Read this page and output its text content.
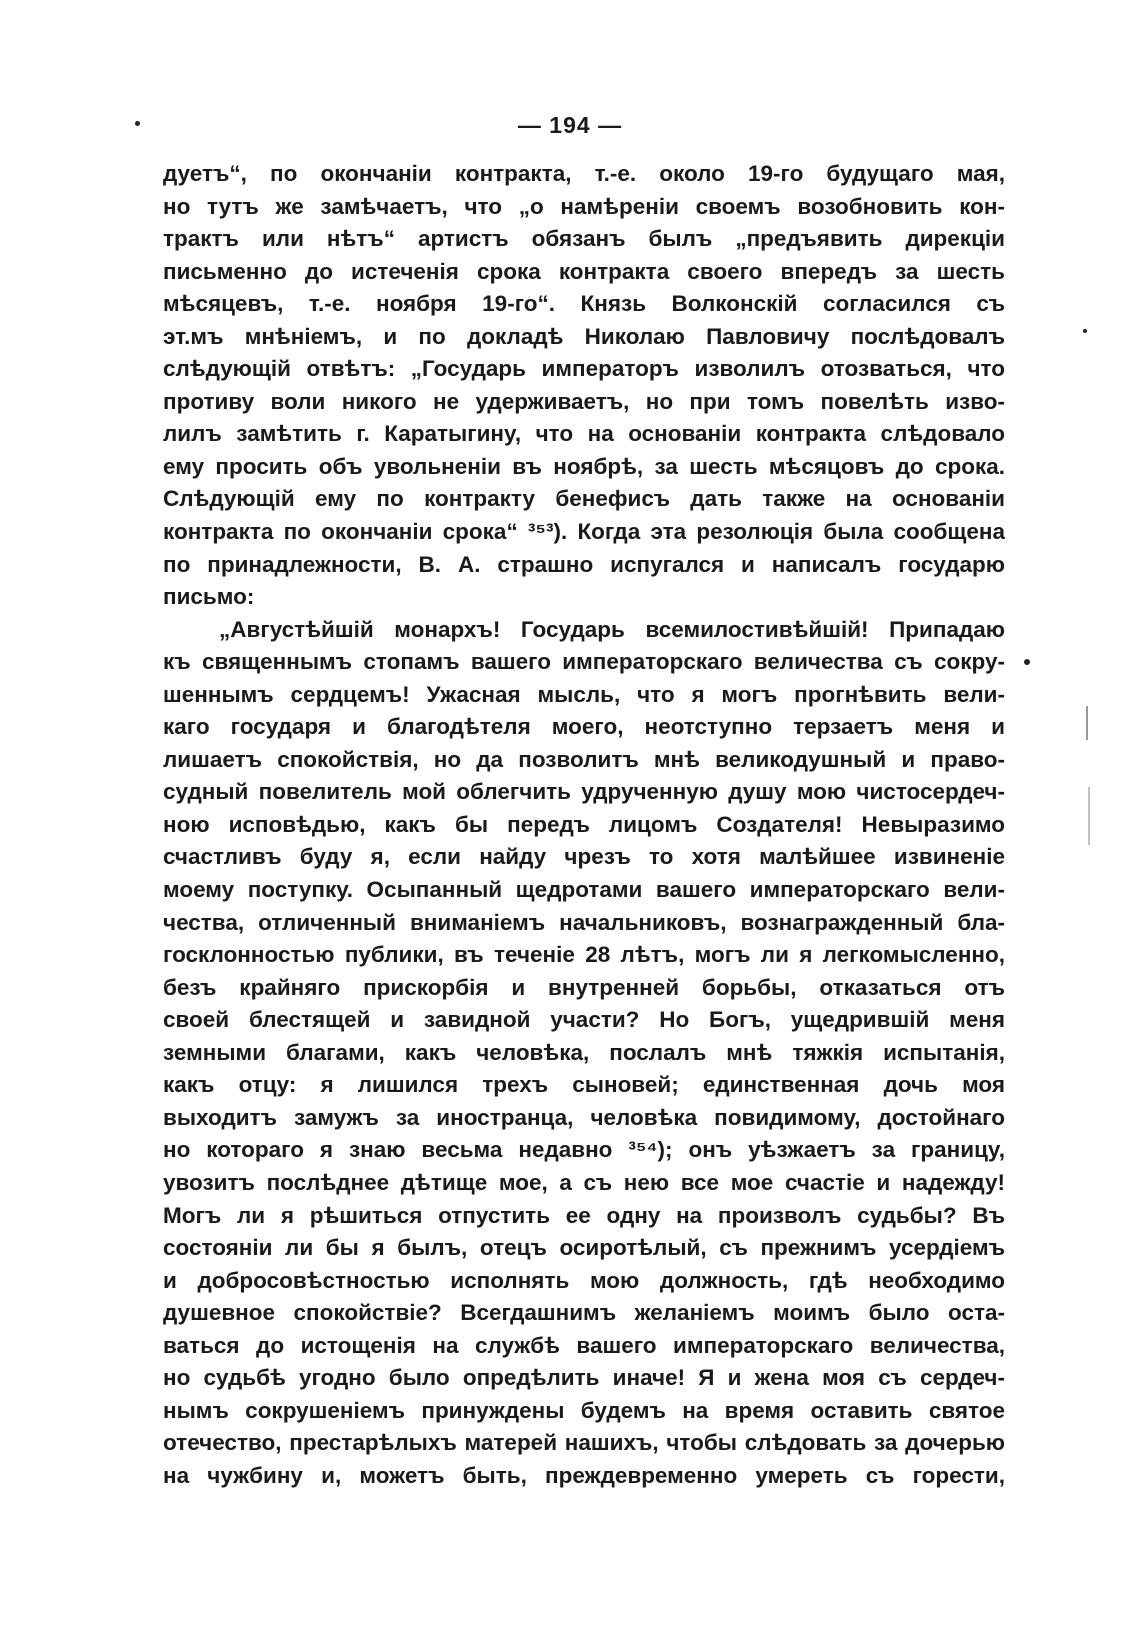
— 194 —
дуетъ“, по окончаніи контракта, т.-е. около 19-го будущаго мая,
но тутъ же замѣчаетъ, что „о намѣреніи своемъ возобновить кон-
трактъ или нѣтъ“ артистъ обязанъ былъ „предъявить дирекціи
письменно до истеченія срока контракта своего впередъ за шесть
мѣсяцевъ, т.-е. ноября 19-го“. Князь Волконскій согласился съ
эт.мъ мнѣніемъ, и по докладѣ Николаю Павловичу послѣдовалъ
слѣдующій отвѣтъ: „Государь императоръ изволилъ отозваться, что
противу воли никого не удерживаетъ, но при томъ повелѣть изво-
лилъ замѣтить г. Каратыгину, что на основаніи контракта слѣдовало
ему просить объ увольненіи въ ноябрѣ, за шесть мѣсяцовъ до срока.
Слѣдующій ему по контракту бенефисъ дать также на основаніи
контракта по окончаніи срока“ ³⁵³). Когда эта резолюція была сообщена
по принадлежности, В. А. страшно испугался и написалъ государю
письмо:
„Августѣйшій монархъ! Государь всемилостивѣйшій! Припадаю
къ священнымъ стопамъ вашего императорскаго величества съ сокру-
шеннымъ сердцемъ! Ужасная мысль, что я могъ прогнѣвить вели-
каго государя и благодѣтеля моего, неотступно терзаетъ меня и
лишаетъ спокойствія, но да позволитъ мнѣ великодушный и право-
судный повелитель мой облегчить удрученную душу мою чистосердеч-
ною исповѣдью, какъ бы передъ лицомъ Создателя! Невыразимо
счастливъ буду я, если найду чрезъ то хотя малѣйшее извиненіе
моему поступку. Осыпанный щедротами вашего императорскаго вели-
чества, отличенный вниманіемъ начальниковъ, вознагражденный бла-
госклонностью публики, въ теченіе 28 лѣтъ, могъ ли я легкомысленно,
безъ крайняго прискорбія и внутренней борьбы, отказаться отъ
своей блестящей и завидной участи? Но Богъ, ущедрившій меня
земными благами, какъ человѣка, послалъ мнѣ тяжкія испытанія,
какъ отцу: я лишился трехъ сыновей; единственная дочь моя
выходитъ замужъ за иностранца, человѣка повидимому, достойнаго
но котораго я знаю весьма недавно ³⁵⁴); онъ уѣзжаетъ за границу,
увозитъ послѣднее дѣтище мое, а съ нею все мое счастіе и надежду!
Могъ ли я рѣшиться отпустить ее одну на произволъ судьбы? Въ
состояніи ли бы я былъ, отецъ осиротѣлый, съ прежнимъ усердіемъ
и добросовѣстностью исполнять мою должность, гдѣ необходимо
душевное спокойствіе? Всегдашнимъ желаніемъ моимъ было оста-
ваться до истощенія на службѣ вашего императорскаго величества,
но судьбѣ угодно было опредѣлить иначе! Я и жена моя съ сердеч-
нымъ сокрушеніемъ принуждены будемъ на время оставить святое
отечество, престарѣлыхъ матерей нашихъ, чтобы слѣдовать за дочерью
на чужбину и, можетъ быть, преждевременно умереть съ горести,
